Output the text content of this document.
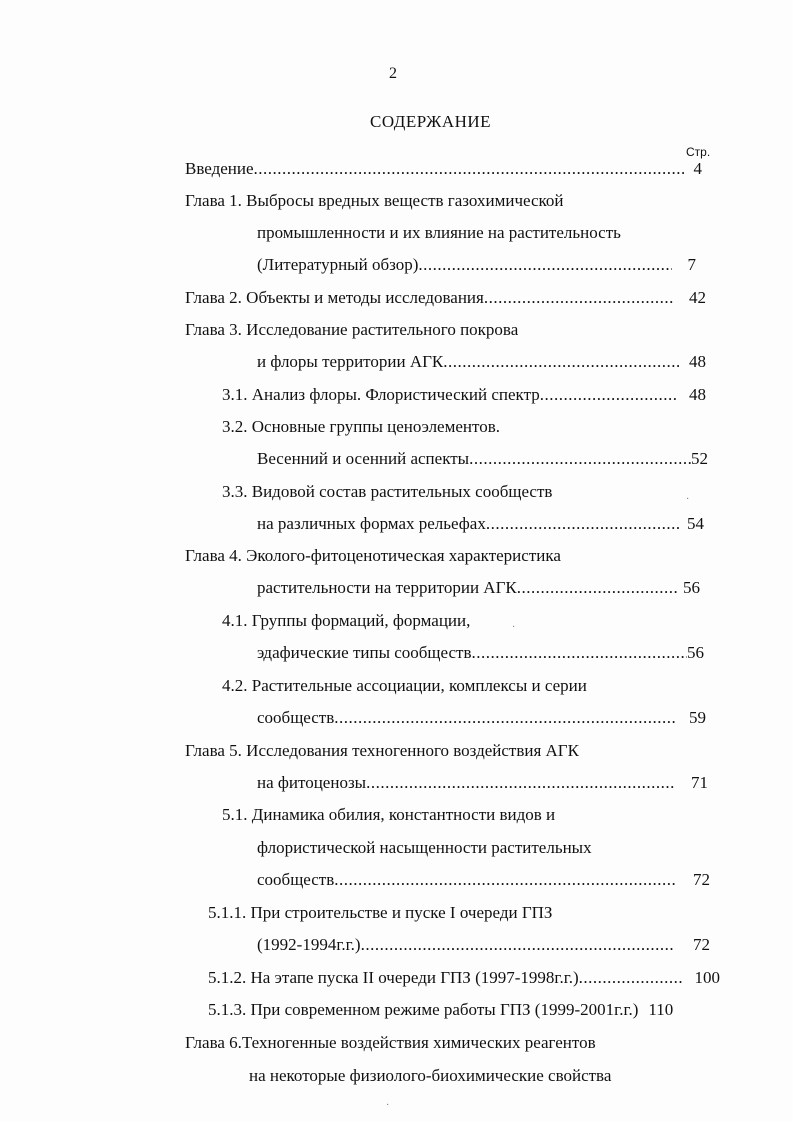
2
СОДЕРЖАНИЕ
Стр.
Введение .....	4
Глава 1. Выбросы вредных веществ газохимической
промышленности и их влияние на растительность
(Литературный обзор) .....	7
Глава 2. Объекты и методы исследования .....	42
Глава 3. Исследование растительного покрова
и флоры территории АГК .....	48
3.1. Анализ флоры. Флористический спектр .....	48
3.2. Основные группы ценоэлементов.
Весенний и осенний аспекты .....	52
3.3. Видовой состав растительных сообществ
на различных формах рельефах .....	54
Глава 4. Эколого-фитоценотическая характеристика
растительности на территории АГК .....	56
4.1. Группы формаций, формации,
эдафические типы сообществ .....	56
4.2. Растительные ассоциации, комплексы и серии
сообществ .....	59
Глава 5. Исследования техногенного воздействия АГК
на фитоценозы .....	71
5.1. Динамика обилия, константности видов и
флористической насыщенности растительных
сообществ .....	72
5.1.1. При строительстве и пуске I очереди ГПЗ
(1992-1994г.г.) .....	72
5.1.2. На этапе пуска II очереди ГПЗ (1997-1998г.г.) .....	100
5.1.3. При современном режиме работы ГПЗ (1999-2001г.г.) 110
Глава 6.Техногенные воздействия химических реагентов
на некоторые физиолого-биохимические свойства
·
·
·
